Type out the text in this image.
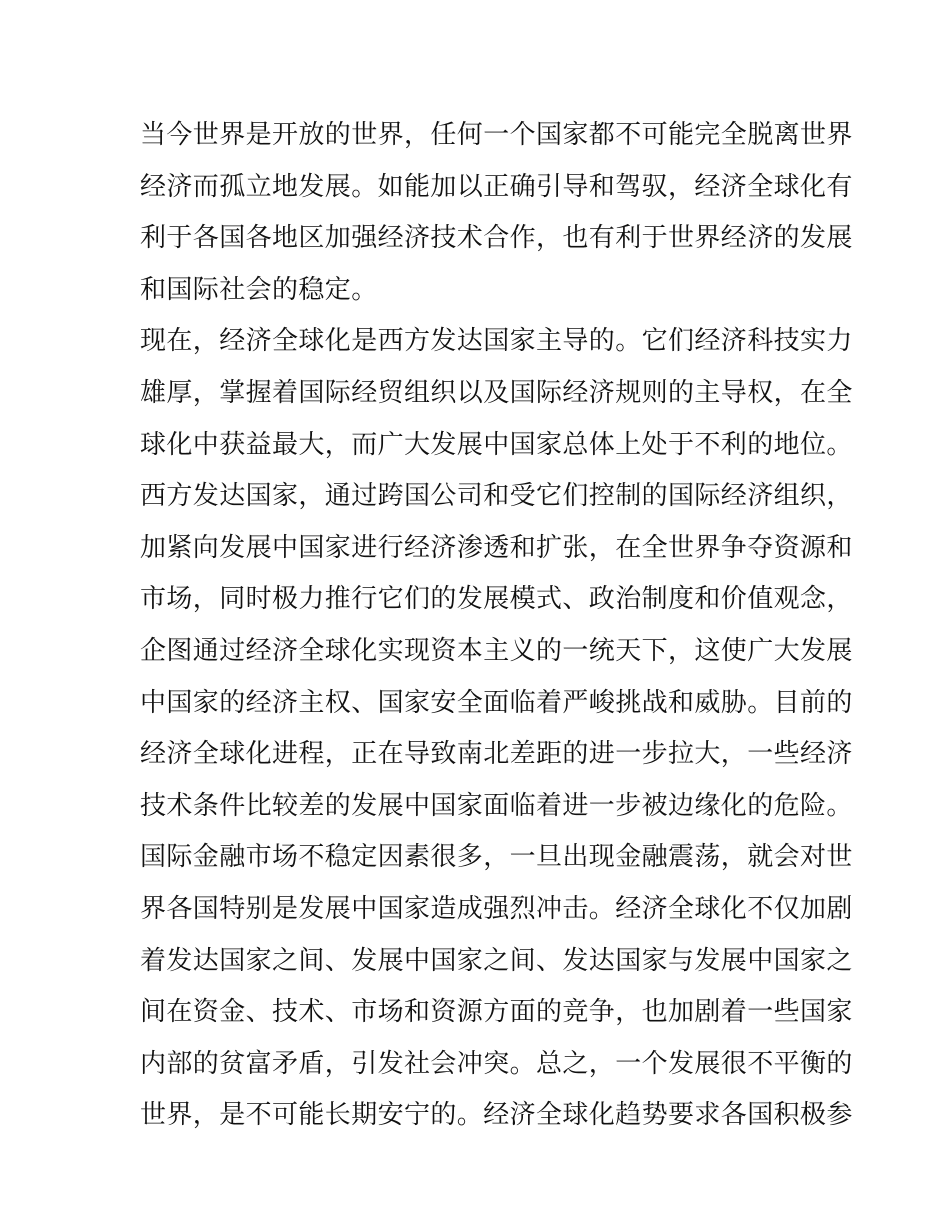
当今世界是开放的世界，任何一个国家都不可能完全脱离世界
经济而孤立地发展。如能加以正确引导和驾驭，经济全球化有
利于各国各地区加强经济技术合作，也有利于世界经济的发展
和国际社会的稳定。
现在，经济全球化是西方发达国家主导的。它们经济科技实力
雄厚，掌握着国际经贸组织以及国际经济规则的主导权，在全
球化中获益最大，而广大发展中国家总体上处于不利的地位。
西方发达国家，通过跨国公司和受它们控制的国际经济组织，
加紧向发展中国家进行经济渗透和扩张，在全世界争夺资源和
市场，同时极力推行它们的发展模式、政治制度和价值观念，
企图通过经济全球化实现资本主义的一统天下，这使广大发展
中国家的经济主权、国家安全面临着严峻挑战和威胁。目前的
经济全球化进程，正在导致南北差距的进一步拉大，一些经济
技术条件比较差的发展中国家面临着进一步被边缘化的危险。
国际金融市场不稳定因素很多，一旦出现金融震荡，就会对世
界各国特别是发展中国家造成强烈冲击。经济全球化不仅加剧
着发达国家之间、发展中国家之间、发达国家与发展中国家之
间在资金、技术、市场和资源方面的竞争，也加剧着一些国家
内部的贫富矛盾，引发社会冲突。总之，一个发展很不平衡的
世界，是不可能长期安宁的。经济全球化趋势要求各国积极参
